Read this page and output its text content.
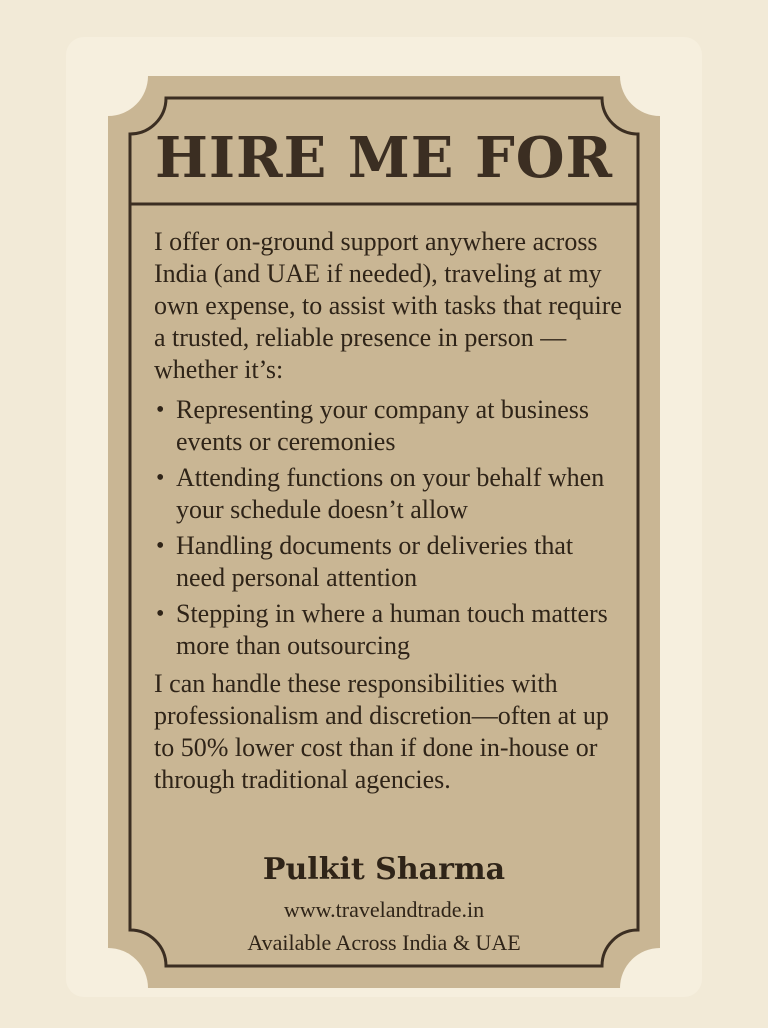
HIRE ME FOR

I offer on-ground support anywhere across India (and UAE if needed), traveling at my own expense, to assist with tasks that require a trusted, reliable presence in person — whether it’s:

• Representing your company at business events or ceremonies
• Attending functions on your behalf when your schedule doesn’t allow
• Handling documents or deliveries that need personal attention
• Stepping in where a human touch matters more than outsourcing

I can handle these responsibilities with professionalism and discretion—often at up to 50% lower cost than if done in-house or through traditional agencies.

Pulkit Sharma
www.travelandtrade.in
Available Across India & UAE
